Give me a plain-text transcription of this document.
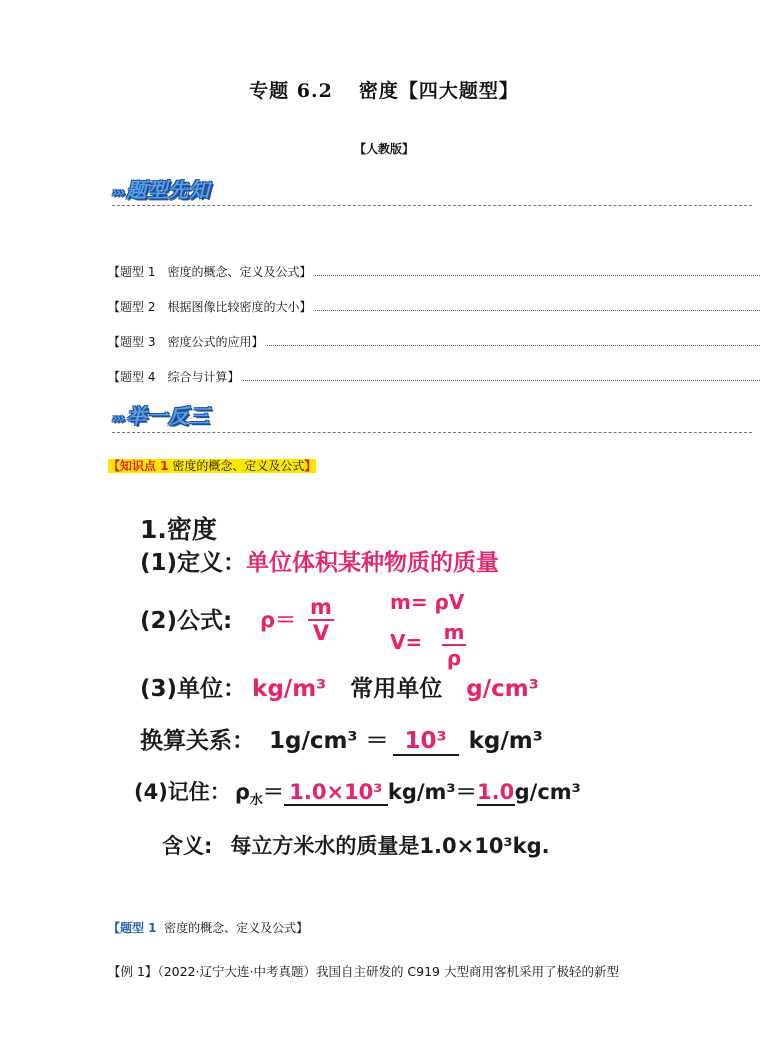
专题 6.2 密度【四大题型】
【人教版】
››› 题型先知
【题型 1　密度的概念、定义及公式】
【题型 2　根据图像比较密度的大小】
【题型 3　密度公式的应用】
【题型 4　综合与计算】
››› 举一反三
【知识点 1 密度的概念、定义及公式】
1.密度
(1)定义：单位体积某种物质的质量
(2)公式: ρ＝
m
V
m= ρV
V= m
ρ
(3)单位： kg/m³ 常用单位 g/cm³
换算关系： 1g/cm³ ＝ 10³ kg/m³
(4)记住： $\rho_水= 1.0\times 10^3$ kg/m³＝1.0g/cm³
含义: 每立方米水的质量是1.0×10³kg.
【题型 1 密度的概念、定义及公式】
【例 1】（2022·辽宁大连·中考真题）我国自主研发的 C919 大型商用客机采用了极轻的新型
